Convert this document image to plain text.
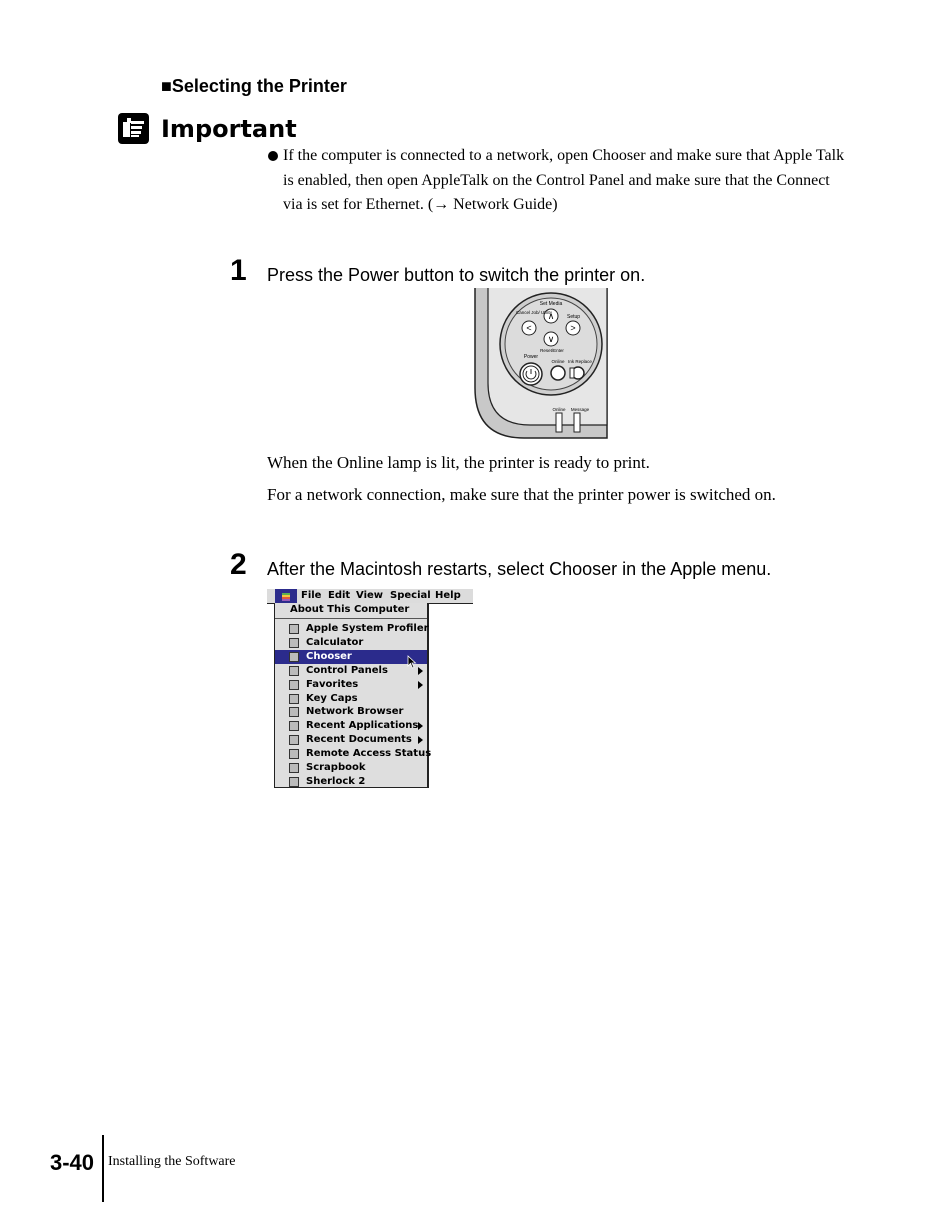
■Selecting the Printer
Important
If the computer is connected to a network, open Chooser and make sure that Apple Talk is enabled, then open AppleTalk on the Control Panel and make sure that the Connect via is set for Ethernet. (→ Network Guide)
1 Press the Power button to switch the printer on.
∧
<	>
∨
Set Media
Cancel Job/ Utility
Setup
Reset/Enter
Power
Online Ink Replace
Online Message
When the Online lamp is lit, the printer is ready to print.
For a network connection, make sure that the printer power is switched on.
2 After the Macintosh restarts, select Chooser in the Apple menu.
File Edit View Special Help
About This Computer
Apple System Profiler
Calculator
Chooser
Control Panels
Favorites
Key Caps
Network Browser
Recent Applications
Recent Documents
Remote Access Status
Scrapbook
Sherlock 2
3-40 Installing the Software
